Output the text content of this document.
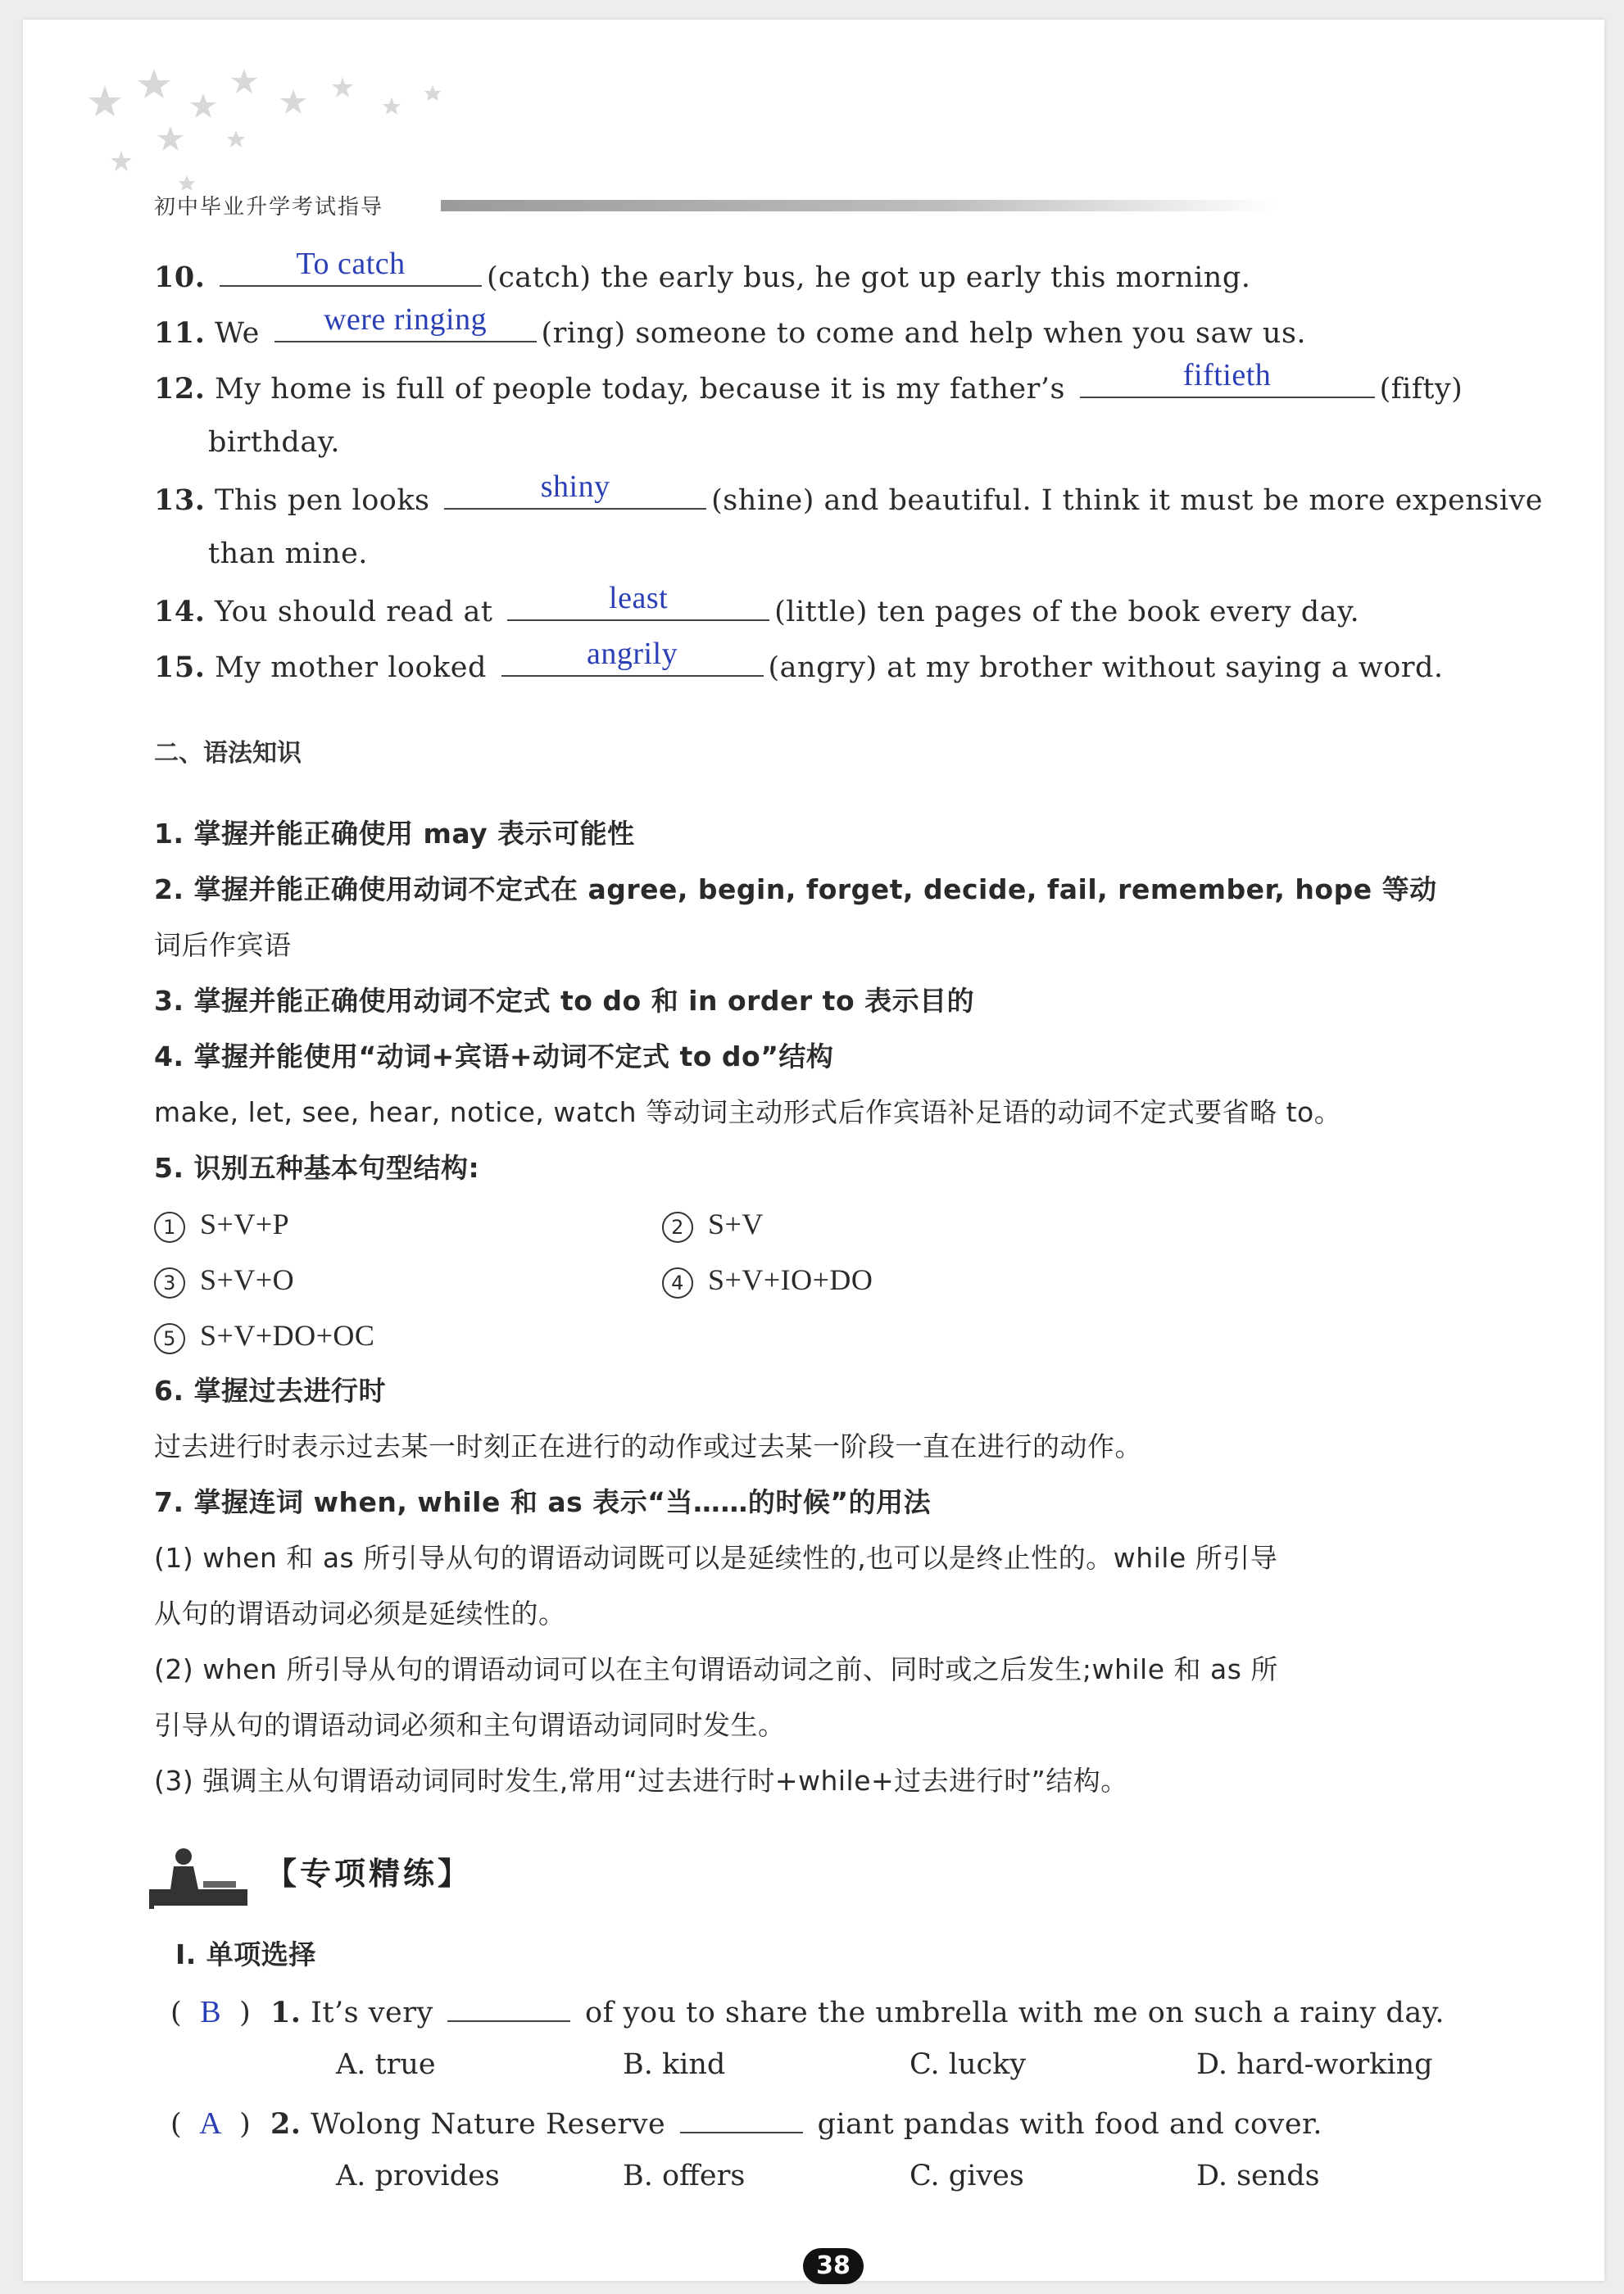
初中毕业升学考试指导
10.	To catch	(catch) the early bus, he got up early this morning.
11. We	were ringing	(ring) someone to come and help when you saw us.
12. My home is full of people today, because it is my father’s	fiftieth	(fifty)
birthday.
13. This pen looks	shiny	(shine) and beautiful. I think it must be more expensive
than mine.
14. You should read at	least	(little) ten pages of the book every day.
15. My mother looked	angrily	(angry) at my brother without saying a word.
二、语法知识
1. 掌握并能正确使用 may 表示可能性
2. 掌握并能正确使用动词不定式在 agree, begin, forget, decide, fail, remember, hope 等动
词后作宾语
3. 掌握并能正确使用动词不定式 to do 和 in order to 表示目的
4. 掌握并能使用“动词+宾语+动词不定式 to do”结构
make, let, see, hear, notice, watch 等动词主动形式后作宾语补足语的动词不定式要省略 to。
5. 识别五种基本句型结构:
1 S+V+P	2 S+V
3 S+V+O	4 S+V+IO+DO
5 S+V+DO+OC
6. 掌握过去进行时
过去进行时表示过去某一时刻正在进行的动作或过去某一阶段一直在进行的动作。
7. 掌握连词 when, while 和 as 表示“当……的时候”的用法
(1) when 和 as 所引导从句的谓语动词既可以是延续性的,也可以是终止性的。while 所引导
从句的谓语动词必须是延续性的。
(2) when 所引导从句的谓语动词可以在主句谓语动词之前、同时或之后发生;while 和 as 所
引导从句的谓语动词必须和主句谓语动词同时发生。
(3) 强调主从句谓语动词同时发生,常用“过去进行时+while+过去进行时”结构。
【专项精练】
Ⅰ. 单项选择
( B ) 1. It’s very	of you to share the umbrella with me on such a rainy day.
A. true	B. kind	C. lucky	D. hard-working
( A ) 2. Wolong Nature Reserve	giant pandas with food and cover.
A. provides	B. offers	C. gives	D. sends
38
